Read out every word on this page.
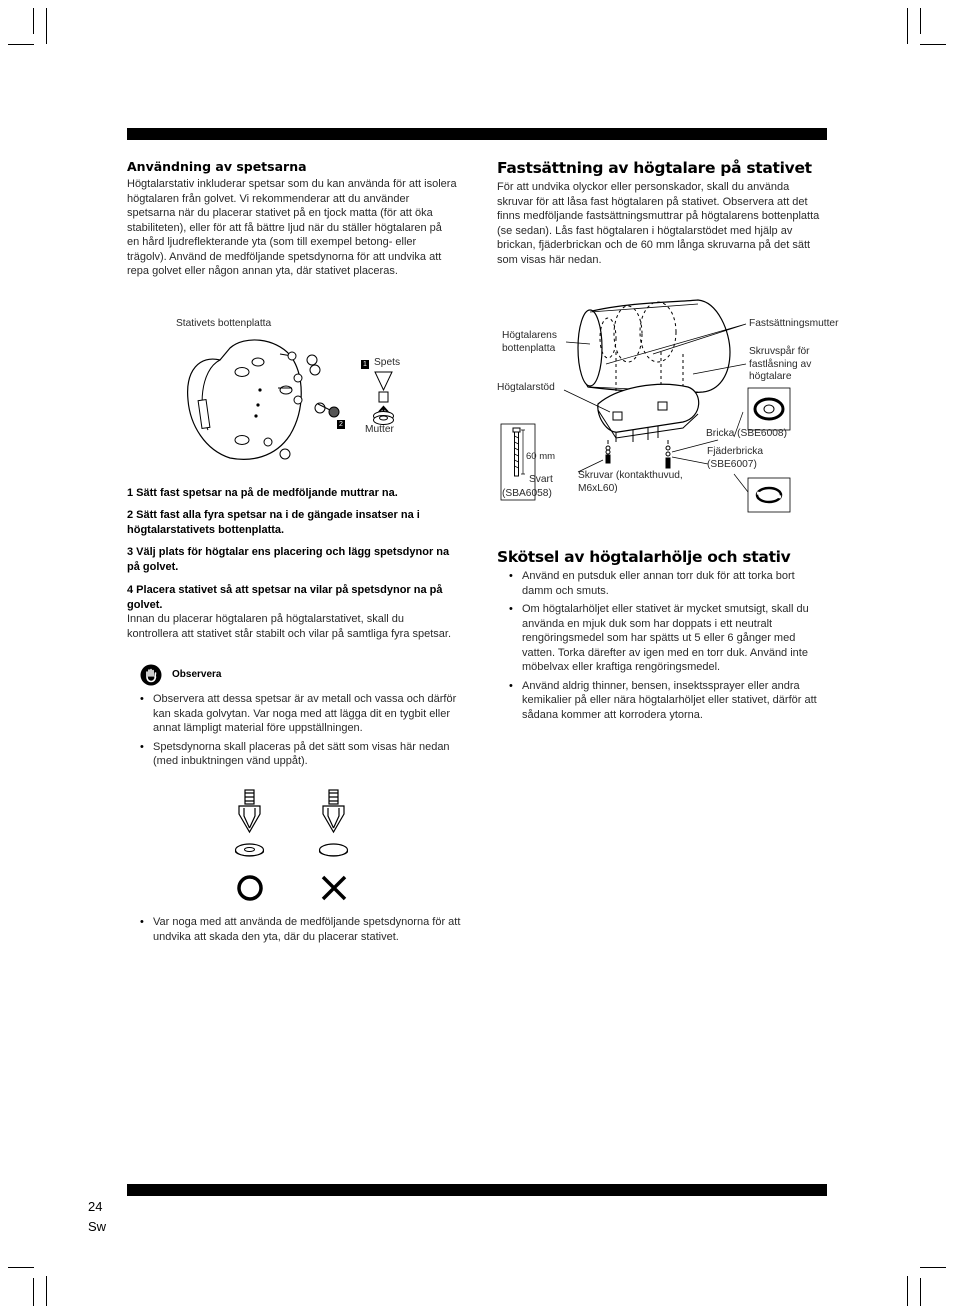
Användning av spetsarna
Högtalarstativ inkluderar spetsar som du kan använda för att isolera högtalaren från golvet. Vi rekommenderar att du använder spetsarna när du placerar stativet på en tjock matta (för att öka stabiliteten), eller för att få bättre ljud när du ställer högtalaren på en hård ljudreflekterande yta (som till exempel betong- eller trägolv). Använd de medföljande spetsdynorna för att undvika att repa golvet eller någon annan yta, där stativet placeras.
Stativets bottenplatta
1 Spets
2 Mutter
1 Sätt fast spetsar na på de medföljande muttrar na.
2 Sätt fast alla fyra spetsar na i de gängade insatser na i högtalarstativets bottenplatta.
3 Välj plats för högtalar ens placering och lägg spetsdynor na på golvet.
4 Placera stativet så att spetsar na vilar på spetsdynor na på golvet.
Innan du placerar högtalaren på högtalarstativet, skall du kontrollera att stativet står stabilt och vilar på samtliga fyra spetsar.
Observera
• Observera att dessa spetsar är av metall och vassa och därför kan skada golvytan. Var noga med att lägga dit en tygbit eller annat lämpligt material före uppställningen.
• Spetsdynorna skall placeras på det sätt som visas här nedan (med inbuktningen vänd uppåt).
• Var noga med att använda de medföljande spetsdynorna för att undvika att skada den yta, där du placerar stativet.
Fastsättning av högtalare på stativet
För att undvika olyckor eller personskador, skall du använda skruvar för att låsa fast högtalaren på stativet. Observera att det finns medföljande fastsättningsmuttrar på högtalarens bottenplatta (se sedan). Lås fast högtalaren i högtalarstödet med hjälp av brickan, fjäderbrickan och de 60 mm långa skruvarna på det sätt som visas här nedan.
Fastsättningsmutter
Högtalarens bottenplatta	Skruvspår för fastlåsning av högtalare
Högtalarstöd
Bricka (SBE6008)
Fjäderbricka (SBE6007)
Skruvar (kontakthuvud, M6xL60)
60 mm
Svart
(SBA6058)
Skötsel av högtalarhölje och stativ
• Använd en putsduk eller annan torr duk för att torka bort damm och smuts.
• Om högtalarhöljet eller stativet är mycket smutsigt, skall du använda en mjuk duk som har doppats i ett neutralt rengöringsmedel som har spätts ut 5 eller 6 gånger med vatten. Torka därefter av igen med en torr duk. Använd inte möbelvax eller kraftiga rengöringsmedel.
• Använd aldrig thinner, bensen, insektssprayer eller andra kemikalier på eller nära högtalarhöljet eller stativet, därför att sådana kommer att korrodera ytorna.
24
Sw
